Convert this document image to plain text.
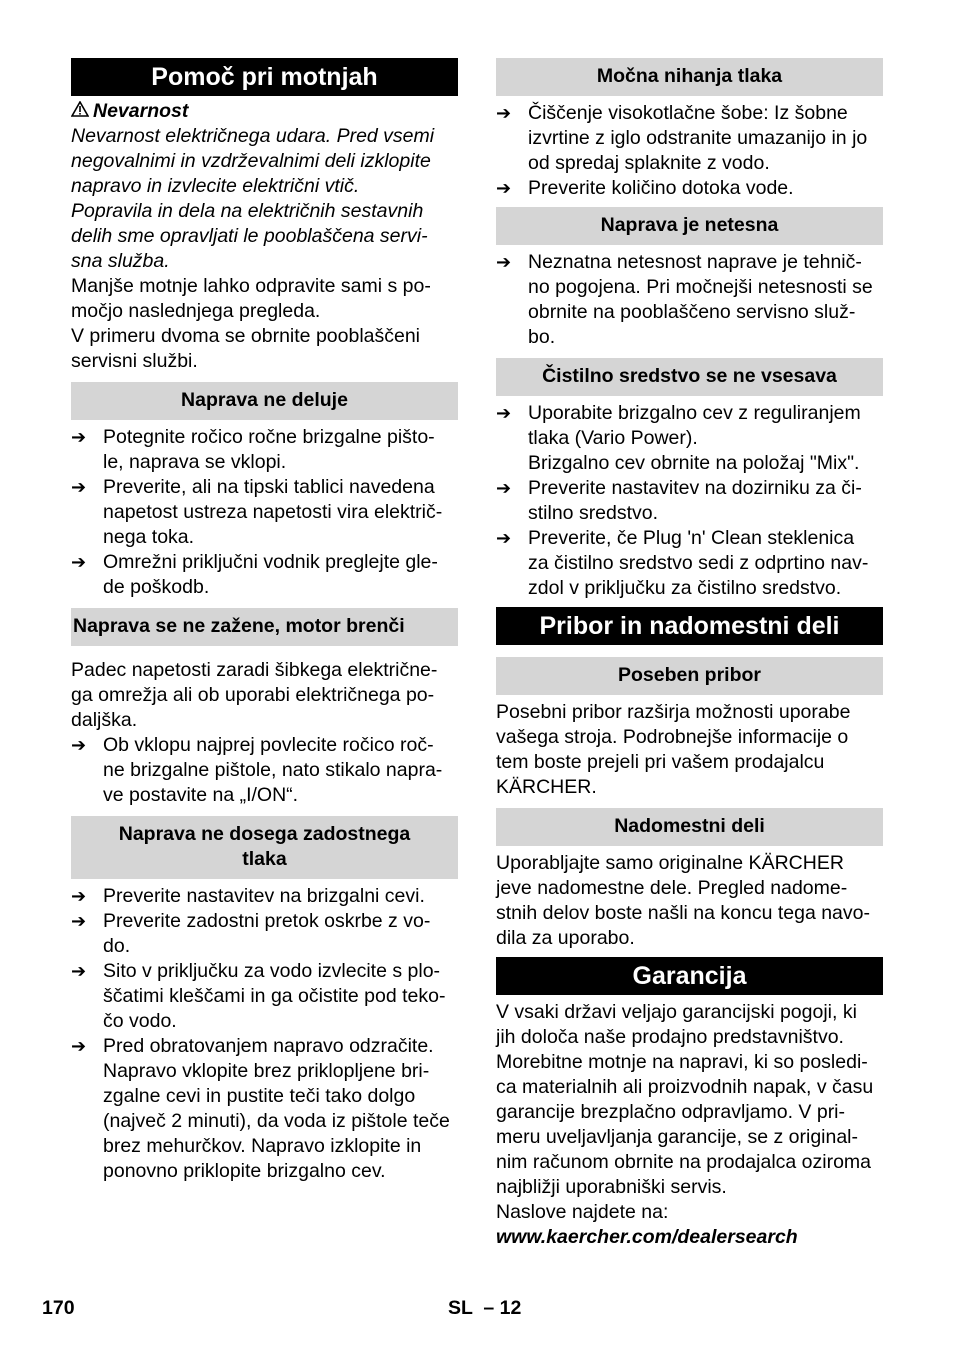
Pomoč pri motnjah
Nevarnost
Nevarnost električnega udara. Pred vsemi
negovalnimi in vzdrževalnimi deli izklopite
napravo in izvlecite električni vtič.
Popravila in dela na električnih sestavnih
delih sme opravljati le pooblaščena servi-
sna služba.
Manjše motnje lahko odpravite sami s po-
močjo naslednjega pregleda.
V primeru dvoma se obrnite pooblaščeni
servisni službi.
Naprava ne deluje
➔ Potegnite ročico ročne brizgalne pišto-
le, naprava se vklopi.
➔ Preverite, ali na tipski tablici navedena
napetost ustreza napetosti vira električ-
nega toka.
➔ Omrežni priključni vodnik preglejte gle-
de poškodb.
Naprava se ne zažene, motor brenči
Padec napetosti zaradi šibkega električne-
ga omrežja ali ob uporabi električnega po-
daljška.
➔ Ob vklopu najprej povlecite ročico roč-
ne brizgalne pištole, nato stikalo napra-
ve postavite na „I/ON“.
Naprava ne dosega zadostnega
tlaka
➔ Preverite nastavitev na brizgalni cevi.
➔ Preverite zadostni pretok oskrbe z vo-
do.
➔ Sito v priključku za vodo izvlecite s plo-
ščatimi kleščami in ga očistite pod teko-
čo vodo.
➔ Pred obratovanjem napravo odzračite.
Napravo vklopite brez priklopljene bri-
zgalne cevi in pustite teči tako dolgo
(največ 2 minuti), da voda iz pištole teče
brez mehurčkov. Napravo izklopite in
ponovno priklopite brizgalno cev.
Močna nihanja tlaka
➔ Čiščenje visokotlačne šobe: Iz šobne
izvrtine z iglo odstranite umazanijo in jo
od spredaj splaknite z vodo.
➔ Preverite količino dotoka vode.
Naprava je netesna
➔ Neznatna netesnost naprave je tehnič-
no pogojena. Pri močnejši netesnosti se
obrnite na pooblaščeno servisno služ-
bo.
Čistilno sredstvo se ne vsesava
➔ Uporabite brizgalno cev z reguliranjem
tlaka (Vario Power).
Brizgalno cev obrnite na položaj "Mix".
➔ Preverite nastavitev na dozirniku za či-
stilno sredstvo.
➔ Preverite, če Plug 'n' Clean steklenica
za čistilno sredstvo sedi z odprtino nav-
zdol v priključku za čistilno sredstvo.
Pribor in nadomestni deli
Poseben pribor
Posebni pribor razširja možnosti uporabe
vašega stroja. Podrobnejše informacije o
tem boste prejeli pri vašem prodajalcu
KÄRCHER.
Nadomestni deli
Uporabljajte samo originalne KÄRCHER
jeve nadomestne dele. Pregled nadome-
stnih delov boste našli na koncu tega navo-
dila za uporabo.
Garancija
V vsaki državi veljajo garancijski pogoji, ki
jih določa naše prodajno predstavništvo.
Morebitne motnje na napravi, ki so posledi-
ca materialnih ali proizvodnih napak, v času
garancije brezplačno odpravljamo. V pri-
meru uveljavljanja garancije, se z original-
nim računom obrnite na prodajalca oziroma
najbližji uporabniški servis.
Naslove najdete na:
www.kaercher.com/dealersearch
170	SL  – 12
